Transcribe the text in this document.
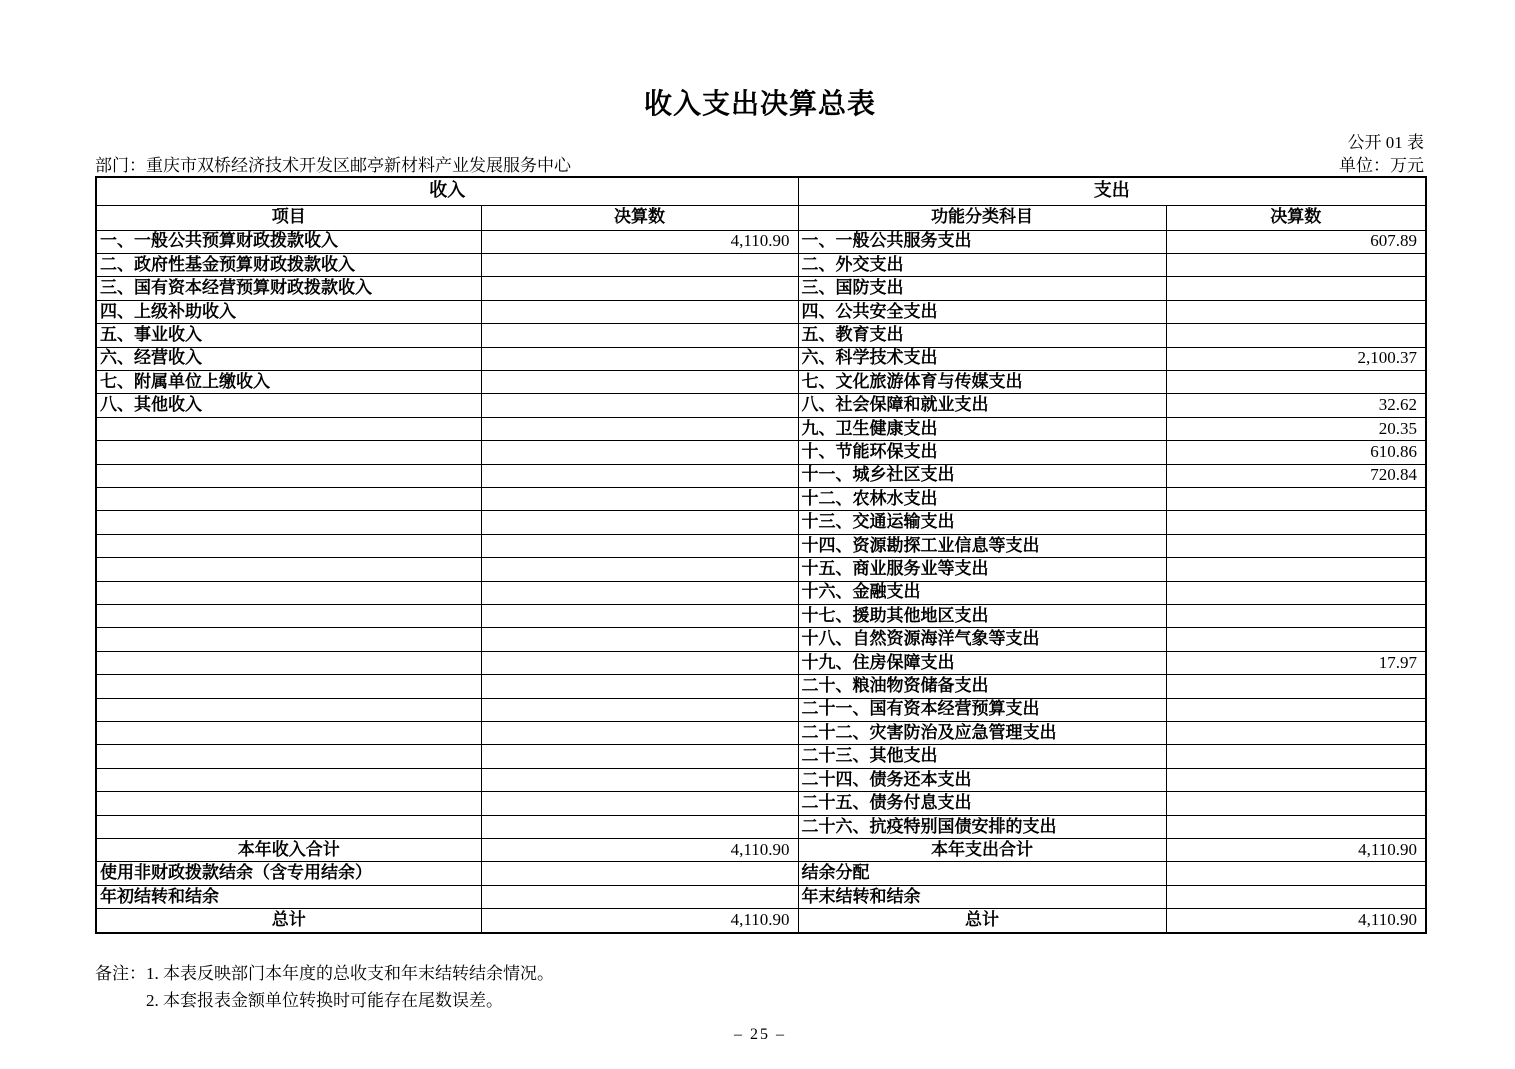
收入支出决算总表
公开 01 表
部门：重庆市双桥经济技术开发区邮亭新材料产业发展服务中心	单位：万元
收入		支出	
项目	决算数	功能分类科目	决算数
一、一般公共预算财政拨款收入	4,110.90	一、一般公共服务支出	607.89
二、政府性基金预算财政拨款收入		二、外交支出	
三、国有资本经营预算财政拨款收入		三、国防支出	
四、上级补助收入		四、公共安全支出	
五、事业收入		五、教育支出	
六、经营收入		六、科学技术支出	2,100.37
七、附属单位上缴收入		七、文化旅游体育与传媒支出	
八、其他收入		八、社会保障和就业支出	32.62
		九、卫生健康支出	20.35
		十、节能环保支出	610.86
		十一、城乡社区支出	720.84
		十二、农林水支出	
		十三、交通运输支出	
		十四、资源勘探工业信息等支出	
		十五、商业服务业等支出	
		十六、金融支出	
		十七、援助其他地区支出	
		十八、自然资源海洋气象等支出	
		十九、住房保障支出	17.97
		二十、粮油物资储备支出	
		二十一、国有资本经营预算支出	
		二十二、灾害防治及应急管理支出	
		二十三、其他支出	
		二十四、债务还本支出	
		二十五、债务付息支出	
		二十六、抗疫特别国债安排的支出	
本年收入合计	4,110.90	本年支出合计	4,110.90
使用非财政拨款结余（含专用结余）		结余分配	
年初结转和结余		年末结转和结余	
总计	4,110.90	总计	4,110.90
备注： 1. 本表反映部门本年度的总收支和年末结转结余情况。
2. 本套报表金额单位转换时可能存在尾数误差。
– 25 –
